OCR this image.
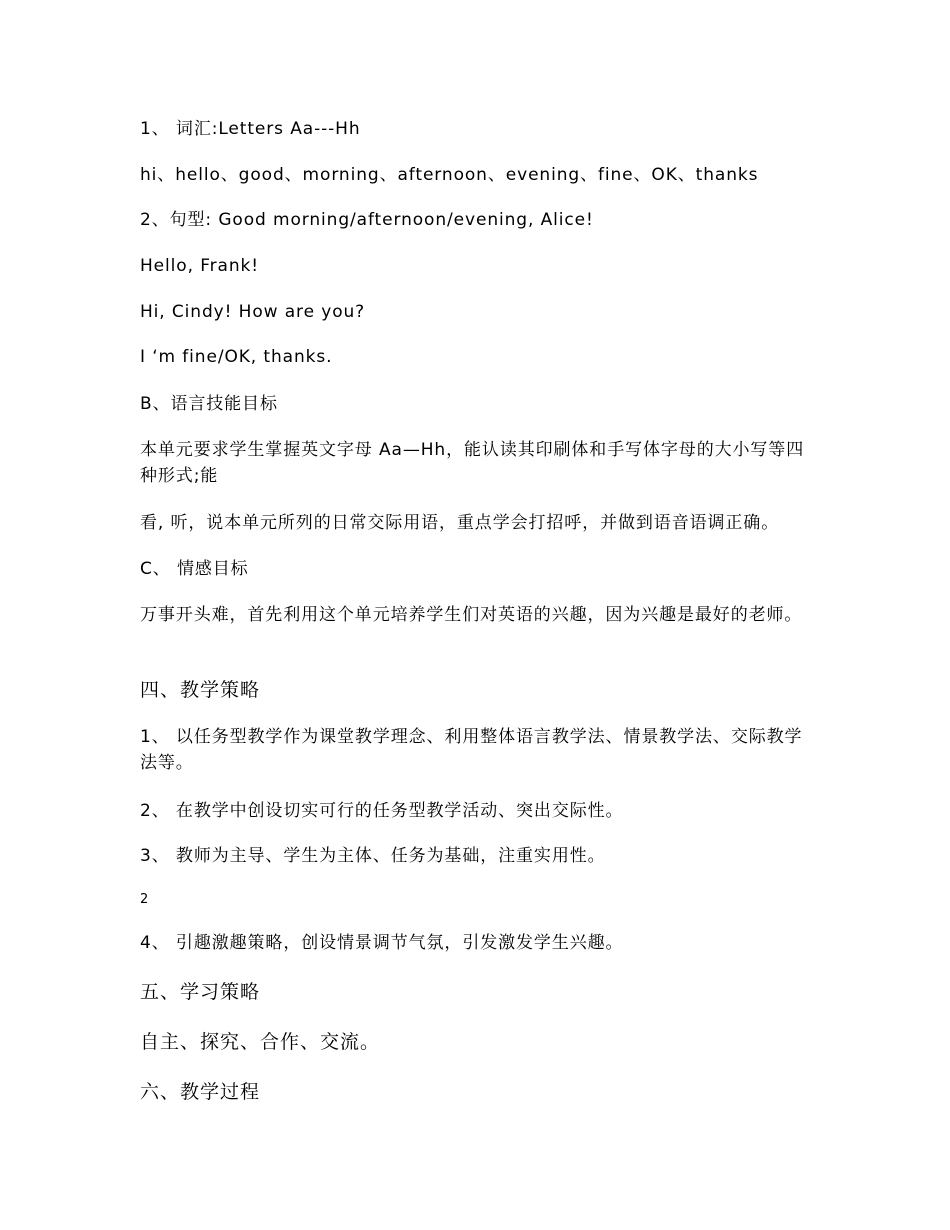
1、 词汇:Letters Aa---Hh
hi、hello、good、morning、afternoon、evening、fine、OK、thanks
2、句型: Good morning/afternoon/evening, Alice!
Hello, Frank!
Hi, Cindy! How are you?
I ‘m fine/OK, thanks.
B、语言技能目标
本单元要求学生掌握英文字母 Aa—Hh，能认读其印刷体和手写体字母的大小写等四种形式;能
看, 听，说本单元所列的日常交际用语，重点学会打招呼，并做到语音语调正确。
C、 情感目标
万事开头难，首先利用这个单元培养学生们对英语的兴趣，因为兴趣是最好的老师。
四、教学策略
1、 以任务型教学作为课堂教学理念、利用整体语言教学法、情景教学法、交际教学法等。
2、 在教学中创设切实可行的任务型教学活动、突出交际性。
3、 教师为主导、学生为主体、任务为基础，注重实用性。
2
4、 引趣激趣策略，创设情景调节气氛，引发激发学生兴趣。
五、学习策略
自主、探究、合作、交流。
六、教学过程
